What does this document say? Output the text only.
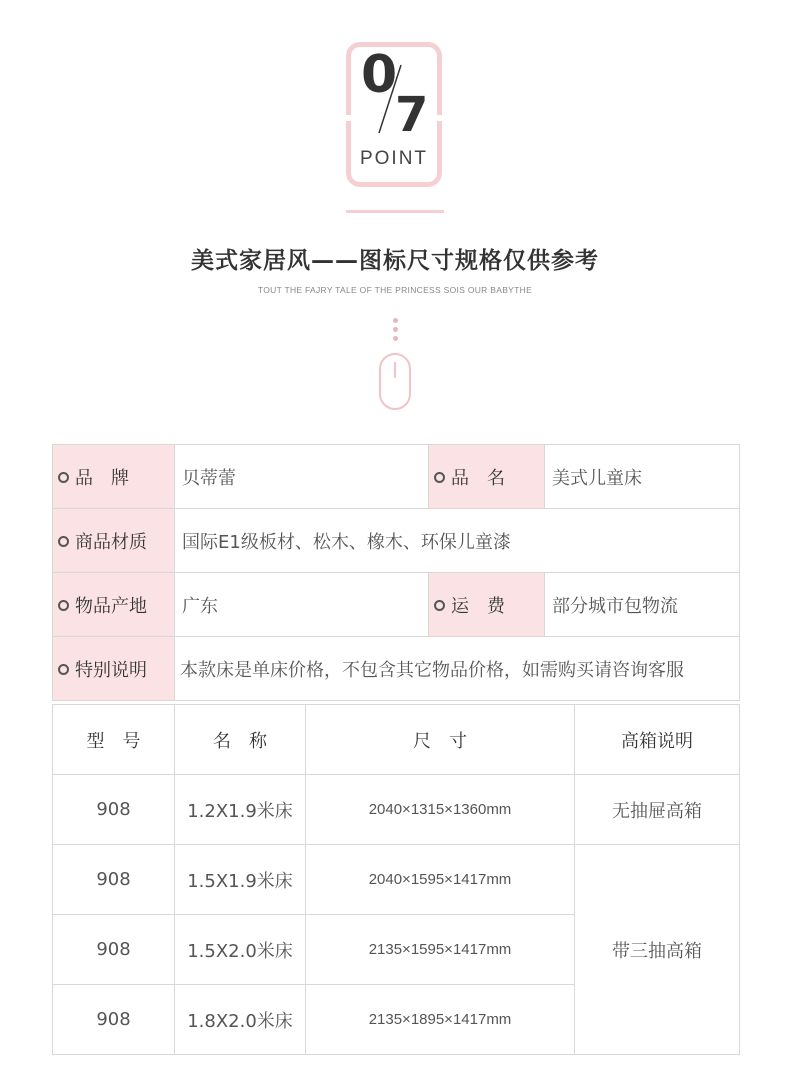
0
7
POINT
美式家居风——图标尺寸规格仅供参考
TOUT THE FAJRY TALE OF THE PRINCESS SOIS OUR BABYTHE
品　牌	贝蒂蕾	品　名	美式儿童床
商品材质	国际E1级板材、松木、橡木、环保儿童漆		
物品产地	广东	运　费	部分城市包物流
特别说明	本款床是单床价格，不包含其它物品价格，如需购买请咨询客服		
型　号	名　称	尺　寸	高箱说明
908	1.2X1.9米床	2040×1315×1360mm	无抽屉高箱
908	1.5X1.9米床	2040×1595×1417mm	带三抽高箱
908	1.5X2.0米床	2135×1595×1417mm	
908	1.8X2.0米床	2135×1895×1417mm	
